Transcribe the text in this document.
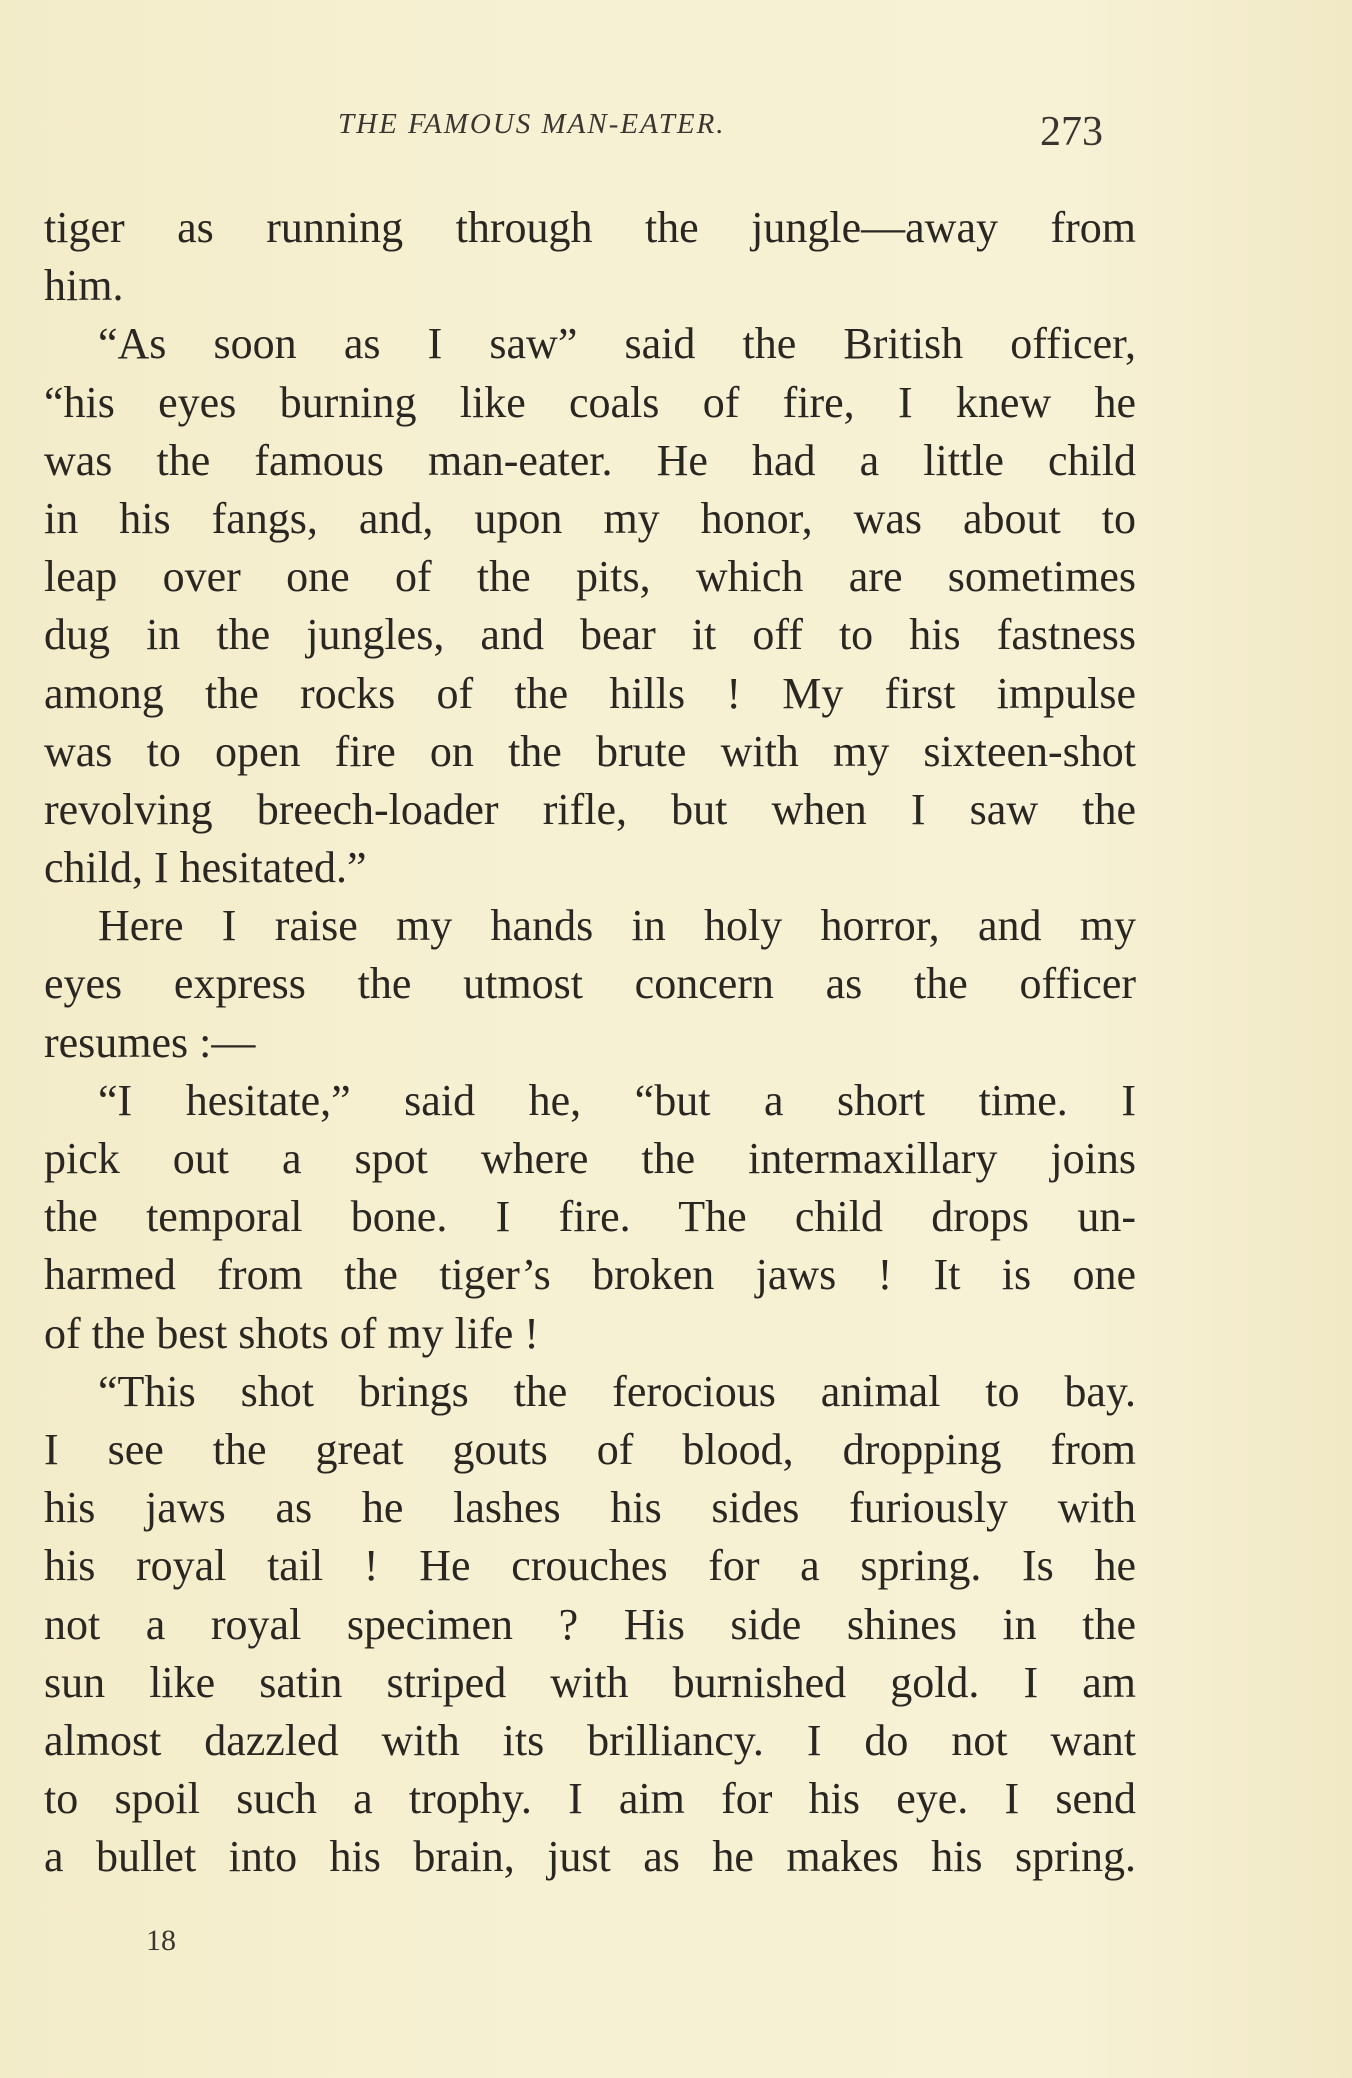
THE FAMOUS MAN-EATER.	273
tiger as running through the jungle—away from
him.
“As soon as I saw” said the British officer,
“his eyes burning like coals of fire, I knew he
was the famous man-eater. He had a little child
in his fangs, and, upon my honor, was about to
leap over one of the pits, which are sometimes
dug in the jungles, and bear it off to his fastness
among the rocks of the hills ! My first impulse
was to open fire on the brute with my sixteen-shot
revolving breech-loader rifle, but when I saw the
child, I hesitated.”
Here I raise my hands in holy horror, and my
eyes express the utmost concern as the officer
resumes :—
“I hesitate,” said he, “but a short time. I
pick out a spot where the intermaxillary joins
the temporal bone. I fire. The child drops un-
harmed from the tiger’s broken jaws ! It is one
of the best shots of my life !
“This shot brings the ferocious animal to bay.
I see the great gouts of blood, dropping from
his jaws as he lashes his sides furiously with
his royal tail ! He crouches for a spring. Is he
not a royal specimen ? His side shines in the
sun like satin striped with burnished gold. I am
almost dazzled with its brilliancy. I do not want
to spoil such a trophy. I aim for his eye. I send
a bullet into his brain, just as he makes his spring.
18
